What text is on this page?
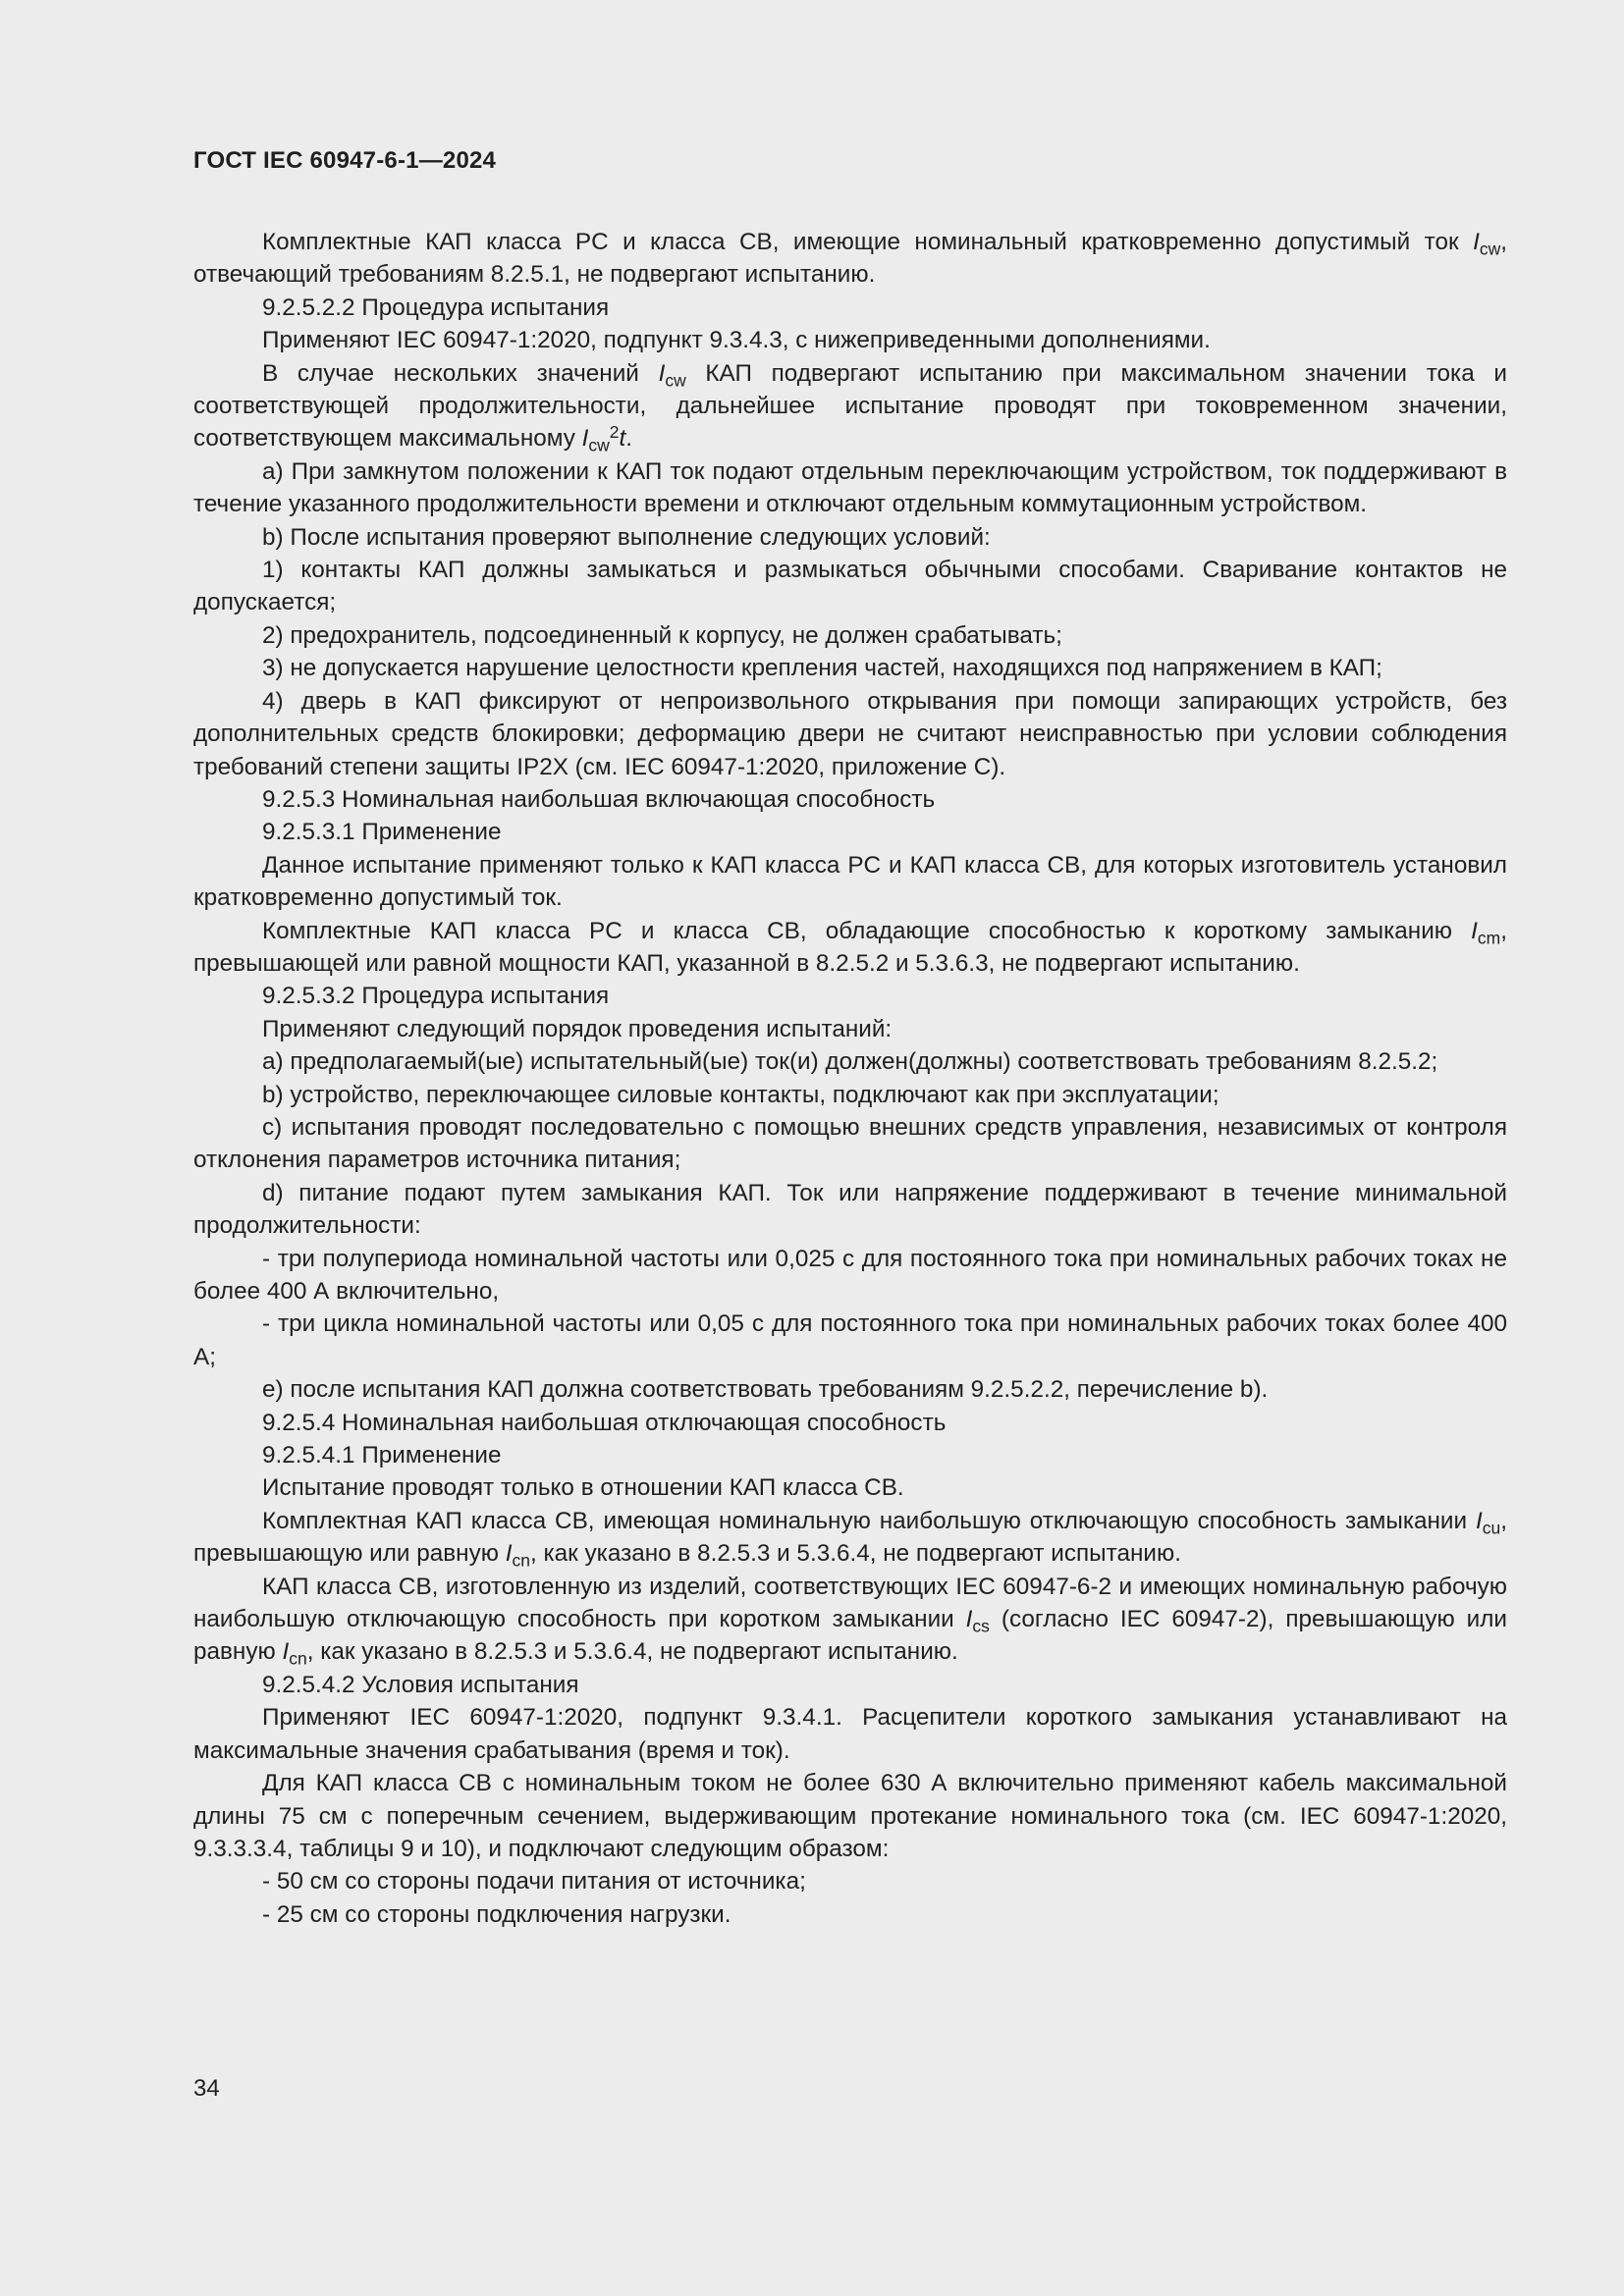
ГОСТ IEC 60947-6-1—2024

Комплектные КАП класса PC и класса CB, имеющие номинальный кратковременно допустимый ток $I_{cw}$, отвечающий требованиям 8.2.5.1, не подвергают испытанию.

9.2.5.2.2 Процедура испытания

Применяют IEC 60947-1:2020, подпункт 9.3.4.3, с нижеприведенными дополнениями.

В случае нескольких значений $I_{cw}$ КАП подвергают испытанию при максимальном значении тока и соответствующей продолжительности, дальнейшее испытание проводят при токовременном значении, соответствующем максимальному $I_{cw}^2t$.

a) При замкнутом положении к КАП ток подают отдельным переключающим устройством, ток поддерживают в течение указанного продолжительности времени и отключают отдельным коммутационным устройством.

b) После испытания проверяют выполнение следующих условий:

1) контакты КАП должны замыкаться и размыкаться обычными способами. Сваривание контактов не допускается;

2) предохранитель, подсоединенный к корпусу, не должен срабатывать;

3) не допускается нарушение целостности крепления частей, находящихся под напряжением в КАП;

4) дверь в КАП фиксируют от непроизвольного открывания при помощи запирающих устройств, без дополнительных средств блокировки; деформацию двери не считают неисправностью при условии соблюдения требований степени защиты IP2X (см. IEC 60947-1:2020, приложение С).

9.2.5.3 Номинальная наибольшая включающая способность

9.2.5.3.1 Применение

Данное испытание применяют только к КАП класса PC и КАП класса CB, для которых изготовитель установил кратковременно допустимый ток.

Комплектные КАП класса PC и класса CB, обладающие способностью к короткому замыканию $I_{cm}$, превышающей или равной мощности КАП, указанной в 8.2.5.2 и 5.3.6.3, не подвергают испытанию.

9.2.5.3.2 Процедура испытания

Применяют следующий порядок проведения испытаний:

a) предполагаемый(ые) испытательный(ые) ток(и) должен(должны) соответствовать требованиям 8.2.5.2;

b) устройство, переключающее силовые контакты, подключают как при эксплуатации;

c) испытания проводят последовательно с помощью внешних средств управления, независимых от контроля отклонения параметров источника питания;

d) питание подают путем замыкания КАП. Ток или напряжение поддерживают в течение минимальной продолжительности:

- три полупериода номинальной частоты или 0,025 с для постоянного тока при номинальных рабочих токах не более 400 А включительно,

- три цикла номинальной частоты или 0,05 с для постоянного тока при номинальных рабочих токах более 400 А;

e) после испытания КАП должна соответствовать требованиям 9.2.5.2.2, перечисление b).

9.2.5.4 Номинальная наибольшая отключающая способность

9.2.5.4.1 Применение

Испытание проводят только в отношении КАП класса CB.

Комплектная КАП класса CB, имеющая номинальную наибольшую отключающую способность замыкании $I_{cu}$, превышающую или равную $I_{cn}$, как указано в 8.2.5.3 и 5.3.6.4, не подвергают испытанию.

КАП класса CB, изготовленную из изделий, соответствующих IEC 60947-6-2 и имеющих номинальную рабочую наибольшую отключающую способность при коротком замыкании $I_{cs}$ (согласно IEC 60947-2), превышающую или равную $I_{cn}$, как указано в 8.2.5.3 и 5.3.6.4, не подвергают испытанию.

9.2.5.4.2 Условия испытания

Применяют IEC 60947-1:2020, подпункт 9.3.4.1. Расцепители короткого замыкания устанавливают на максимальные значения срабатывания (время и ток).

Для КАП класса CB с номинальным током не более 630 А включительно применяют кабель максимальной длины 75 см с поперечным сечением, выдерживающим протекание номинального тока (см. IEC 60947-1:2020, 9.3.3.3.4, таблицы 9 и 10), и подключают следующим образом:

- 50 см со стороны подачи питания от источника;

- 25 см со стороны подключения нагрузки.

34
